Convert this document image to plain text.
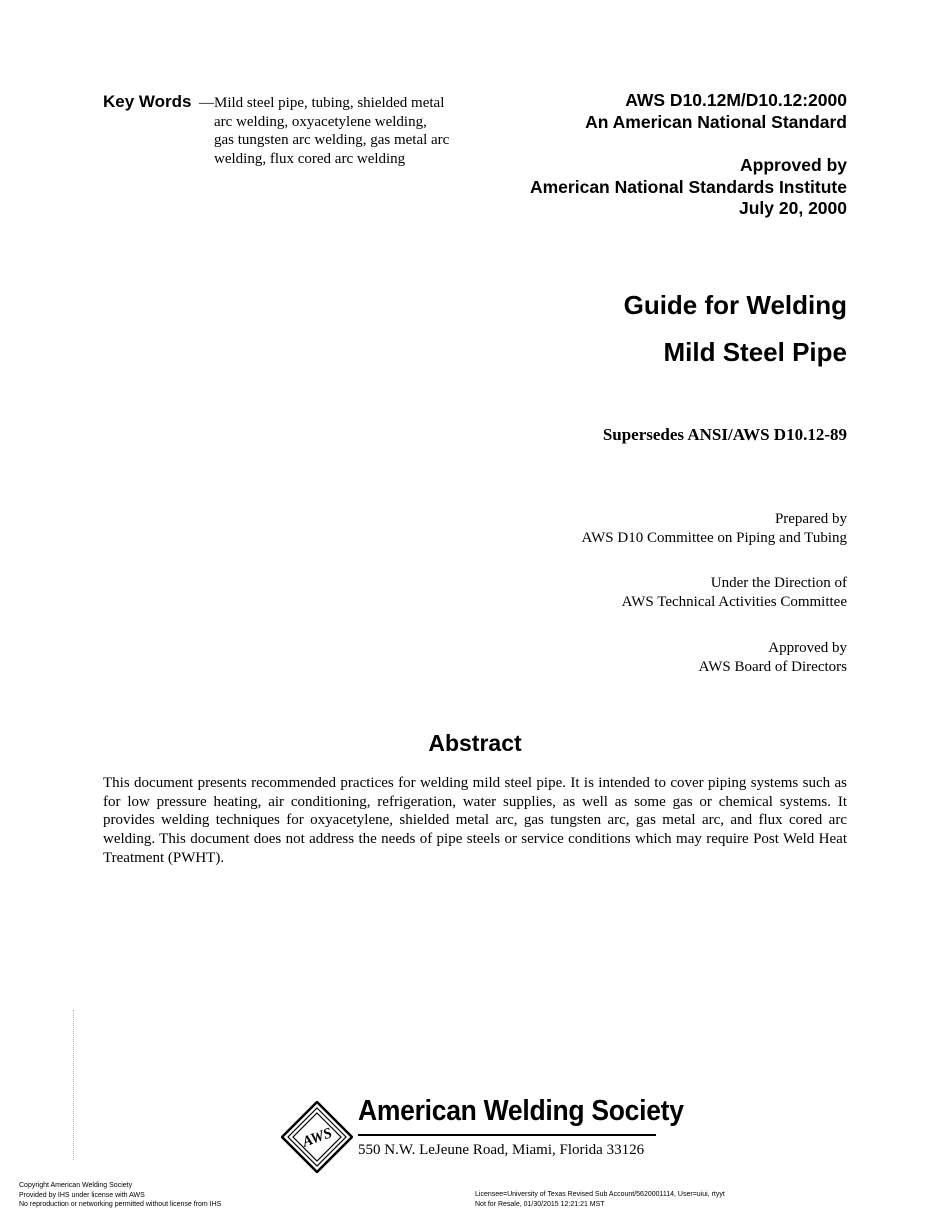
Key Words — Mild steel pipe, tubing, shielded metal
arc welding, oxyacetylene welding,
gas tungsten arc welding, gas metal arc
welding, flux cored arc welding
AWS D10.12M/D10.12:2000
An American National Standard
Approved by
American National Standards Institute
July 20, 2000
Guide for Welding
Mild Steel Pipe
Supersedes ANSI/AWS D10.12-89
Prepared by
AWS D10 Committee on Piping and Tubing
Under the Direction of
AWS Technical Activities Committee
Approved by
AWS Board of Directors
Abstract
This document presents recommended practices for welding mild steel pipe. It is intended to cover piping systems such as for low pressure heating, air conditioning, refrigeration, water supplies, as well as some gas or chemical systems. It provides welding techniques for oxyacetylene, shielded metal arc, gas tungsten arc, gas metal arc, and flux cored arc welding. This document does not address the needs of pipe steels or service conditions which may require Post Weld Heat Treatment (PWHT).
AWS
American Welding Society
550 N.W. LeJeune Road, Miami, Florida 33126
Copyright American Welding Society
Provided by IHS under license with AWS
No reproduction or networking permitted without license from IHS
Licensee=University of Texas Revised Sub Account/5620001114, User=uiui, rtyyt
Not for Resale, 01/30/2015 12:21:21 MST
